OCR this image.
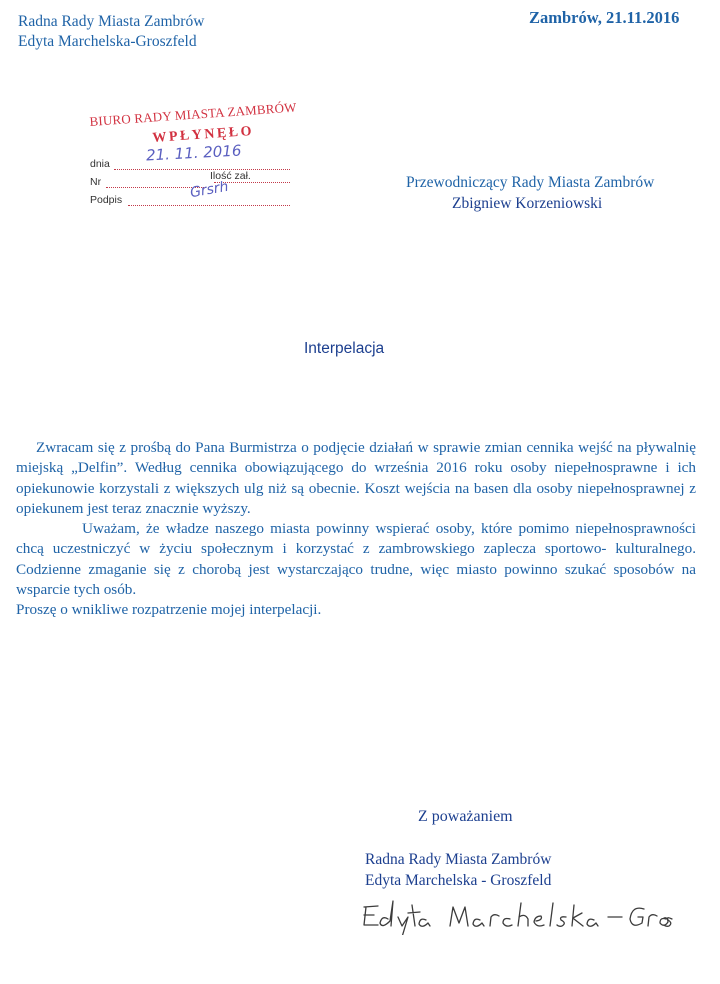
Radna Rady Miasta Zambrów
Edyta Marchelska-Groszfeld
Zambrów, 21.11.2016
BIURO RADY MIASTA ZAMBRÓW
WPŁYNĘŁO
dnia 21. 11. 2016
Nr	Ilość zał.
Podpis	Grsrh	Przewodniczący Rady Miasta Zambrów
Zbigniew Korzeniowski
Interpelacja

Zwracam się z prośbą do Pana Burmistrza o podjęcie działań w sprawie zmian cennika wejść na pływalnię miejską „Delfin”. Według cennika obowiązującego do września 2016 roku osoby niepełnosprawne i ich opiekunowie korzystali z większych ulg niż są obecnie. Koszt wejścia na basen dla osoby niepełnosprawnej z opiekunem jest teraz znacznie wyższy.

Uważam, że władze naszego miasta powinny wspierać osoby, które pomimo niepełnosprawności chcą uczestniczyć w życiu społecznym i korzystać z zambrowskiego zaplecza sportowo- kulturalnego. Codzienne zmaganie się z chorobą jest wystarczająco trudne, więc miasto powinno szukać sposobów na wsparcie tych osób.

Proszę o wnikliwe rozpatrzenie mojej interpelacji.

Z poważaniem
Radna Rady Miasta Zambrów
Edyta Marchelska - Groszfeld
